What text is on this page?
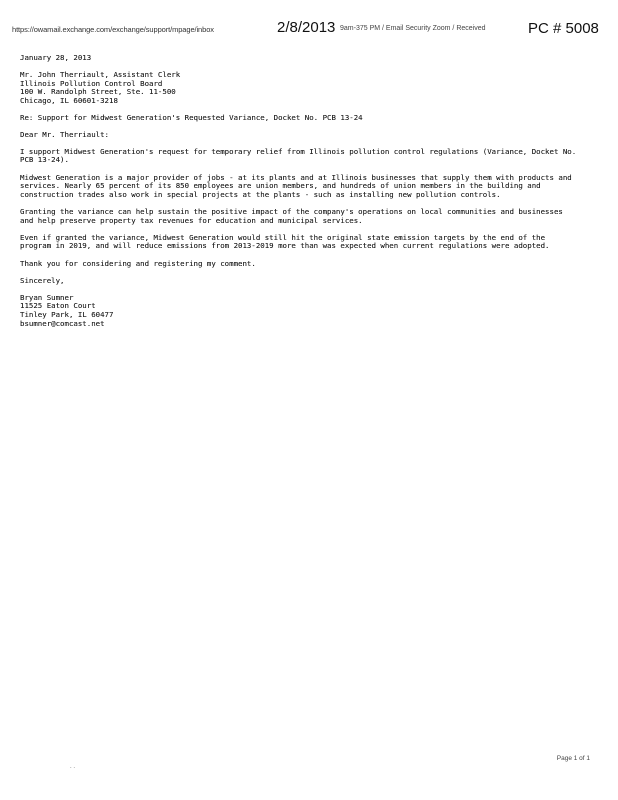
https://owamail.exchange.com/exchange/support/mpage/inbox	2/8/2013 9am-375 PM / Email Security Zoom / Received	PC # 5008
January 28, 2013
Mr. John Therriault, Assistant Clerk
Illinois Pollution Control Board
100 W. Randolph Street, Ste. 11-500
Chicago, IL 60601-3218
Re: Support for Midwest Generation's Requested Variance, Docket No. PCB 13-24
Dear Mr. Therriault:
I support Midwest Generation's request for temporary relief from Illinois pollution control regulations (Variance, Docket No. PCB 13-24).
Midwest Generation is a major provider of jobs - at its plants and at Illinois businesses that supply them with products and services. Nearly 65 percent of its 850 employees are union members, and hundreds of union members in the building and construction trades also work in special projects at the plants - such as installing new pollution controls.
Granting the variance can help sustain the positive impact of the company's operations on local communities and businesses and help preserve property tax revenues for education and municipal services.
Even if granted the variance, Midwest Generation would still hit the original state emission targets by the end of the program in 2019, and will reduce emissions from 2013-2019 more than was expected when current regulations were adopted.
Thank you for considering and registering my comment.
Sincerely,
Bryan Sumner
11525 Eaton Court
Tinley Park, IL 60477
bsumner@comcast.net
. .
Page 1 of 1
